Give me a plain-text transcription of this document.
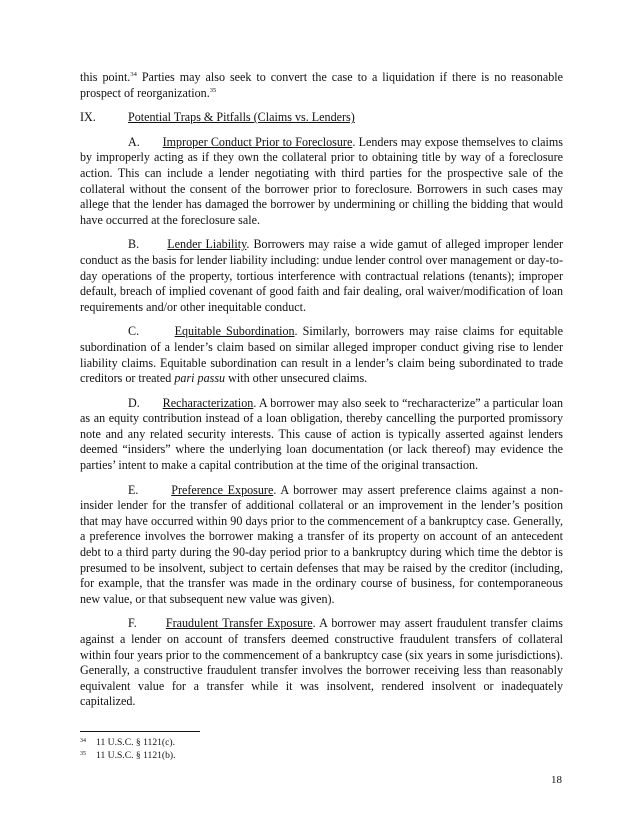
this point.$^{34}$ Parties may also seek to convert the case to a liquidation if there is no reasonable prospect of reorganization.$^{35}$

IX.	Potential Traps & Pitfalls (Claims vs. Lenders)

A. Improper Conduct Prior to Foreclosure. Lenders may expose themselves to claims by improperly acting as if they own the collateral prior to obtaining title by way of a foreclosure action. This can include a lender negotiating with third parties for the prospective sale of the collateral without the consent of the borrower prior to foreclosure. Borrowers in such cases may allege that the lender has damaged the borrower by undermining or chilling the bidding that would have occurred at the foreclosure sale.

B. Lender Liability. Borrowers may raise a wide gamut of alleged improper lender conduct as the basis for lender liability including: undue lender control over management or day-to-day operations of the property, tortious interference with contractual relations (tenants); improper default, breach of implied covenant of good faith and fair dealing, oral waiver/modification of loan requirements and/or other inequitable conduct.

C.	Equitable Subordination. Similarly, borrowers may raise claims for equitable subordination of a lender’s claim based on similar alleged improper conduct giving rise to lender liability claims. Equitable subordination can result in a lender’s claim being subordinated to trade creditors or treated pari passu with other unsecured claims.

D. Recharacterization. A borrower may also seek to “recharacterize” a particular loan as an equity contribution instead of a loan obligation, thereby cancelling the purported promissory note and any related security interests. This cause of action is typically asserted against lenders deemed “insiders” where the underlying loan documentation (or lack thereof) may evidence the parties’ intent to make a capital contribution at the time of the original transaction.

E.	Preference Exposure. A borrower may assert preference claims against a non-insider lender for the transfer of additional collateral or an improvement in the lender’s position that may have occurred within 90 days prior to the commencement of a bankruptcy case. Generally, a preference involves the borrower making a transfer of its property on account of an antecedent debt to a third party during the 90-day period prior to a bankruptcy during which time the debtor is presumed to be insolvent, subject to certain defenses that may be raised by the creditor (including, for example, that the transfer was made in the ordinary course of business, for contemporaneous new value, or that subsequent new value was given).

F. Fraudulent Transfer Exposure. A borrower may assert fraudulent transfer claims against a lender on account of transfers deemed constructive fraudulent transfers of collateral within four years prior to the commencement of a bankruptcy case (six years in some jurisdictions). Generally, a constructive fraudulent transfer involves the borrower receiving less than reasonably equivalent value for a transfer while it was insolvent, rendered insolvent or inadequately capitalized.

34	11 U.S.C. § 1121(c).
35	11 U.S.C. § 1121(b).
18
